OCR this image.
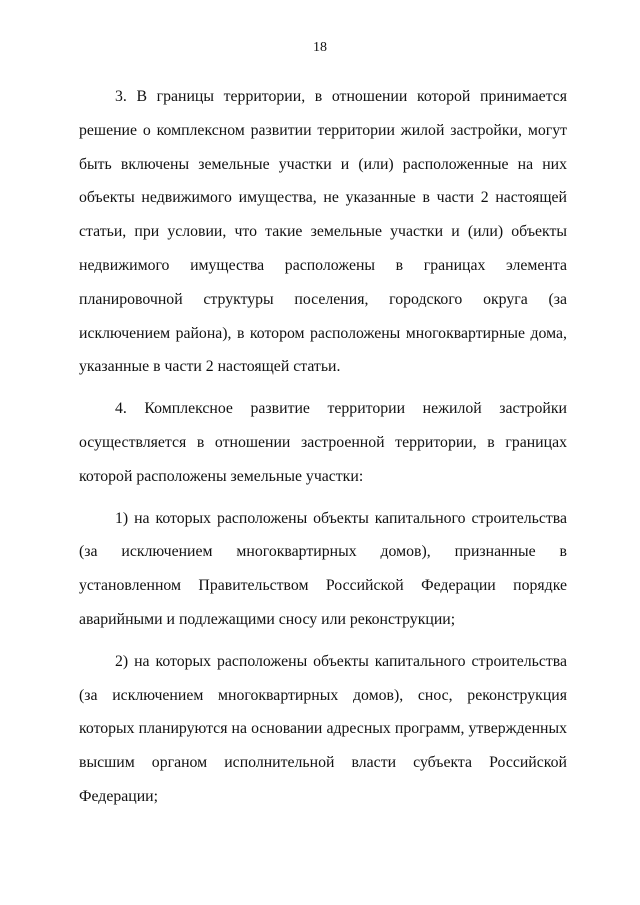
18

3. В границы территории, в отношении которой принимается решение о комплексном развитии территории жилой застройки, могут быть включены земельные участки и (или) расположенные на них объекты недвижимого имущества, не указанные в части 2 настоящей статьи, при условии, что такие земельные участки и (или) объекты недвижимого имущества расположены в границах элемента планировочной структуры поселения, городского округа (за исключением района), в котором расположены многоквартирные дома, указанные в части 2 настоящей статьи.

4. Комплексное развитие территории нежилой застройки осуществляется в отношении застроенной территории, в границах которой расположены земельные участки:

1) на которых расположены объекты капитального строительства (за исключением многоквартирных домов), признанные в установленном Правительством Российской Федерации порядке аварийными и подлежащими сносу или реконструкции;

2) на которых расположены объекты капитального строительства (за исключением многоквартирных домов), снос, реконструкция которых планируются на основании адресных программ, утвержденных высшим органом исполнительной власти субъекта Российской Федерации;
